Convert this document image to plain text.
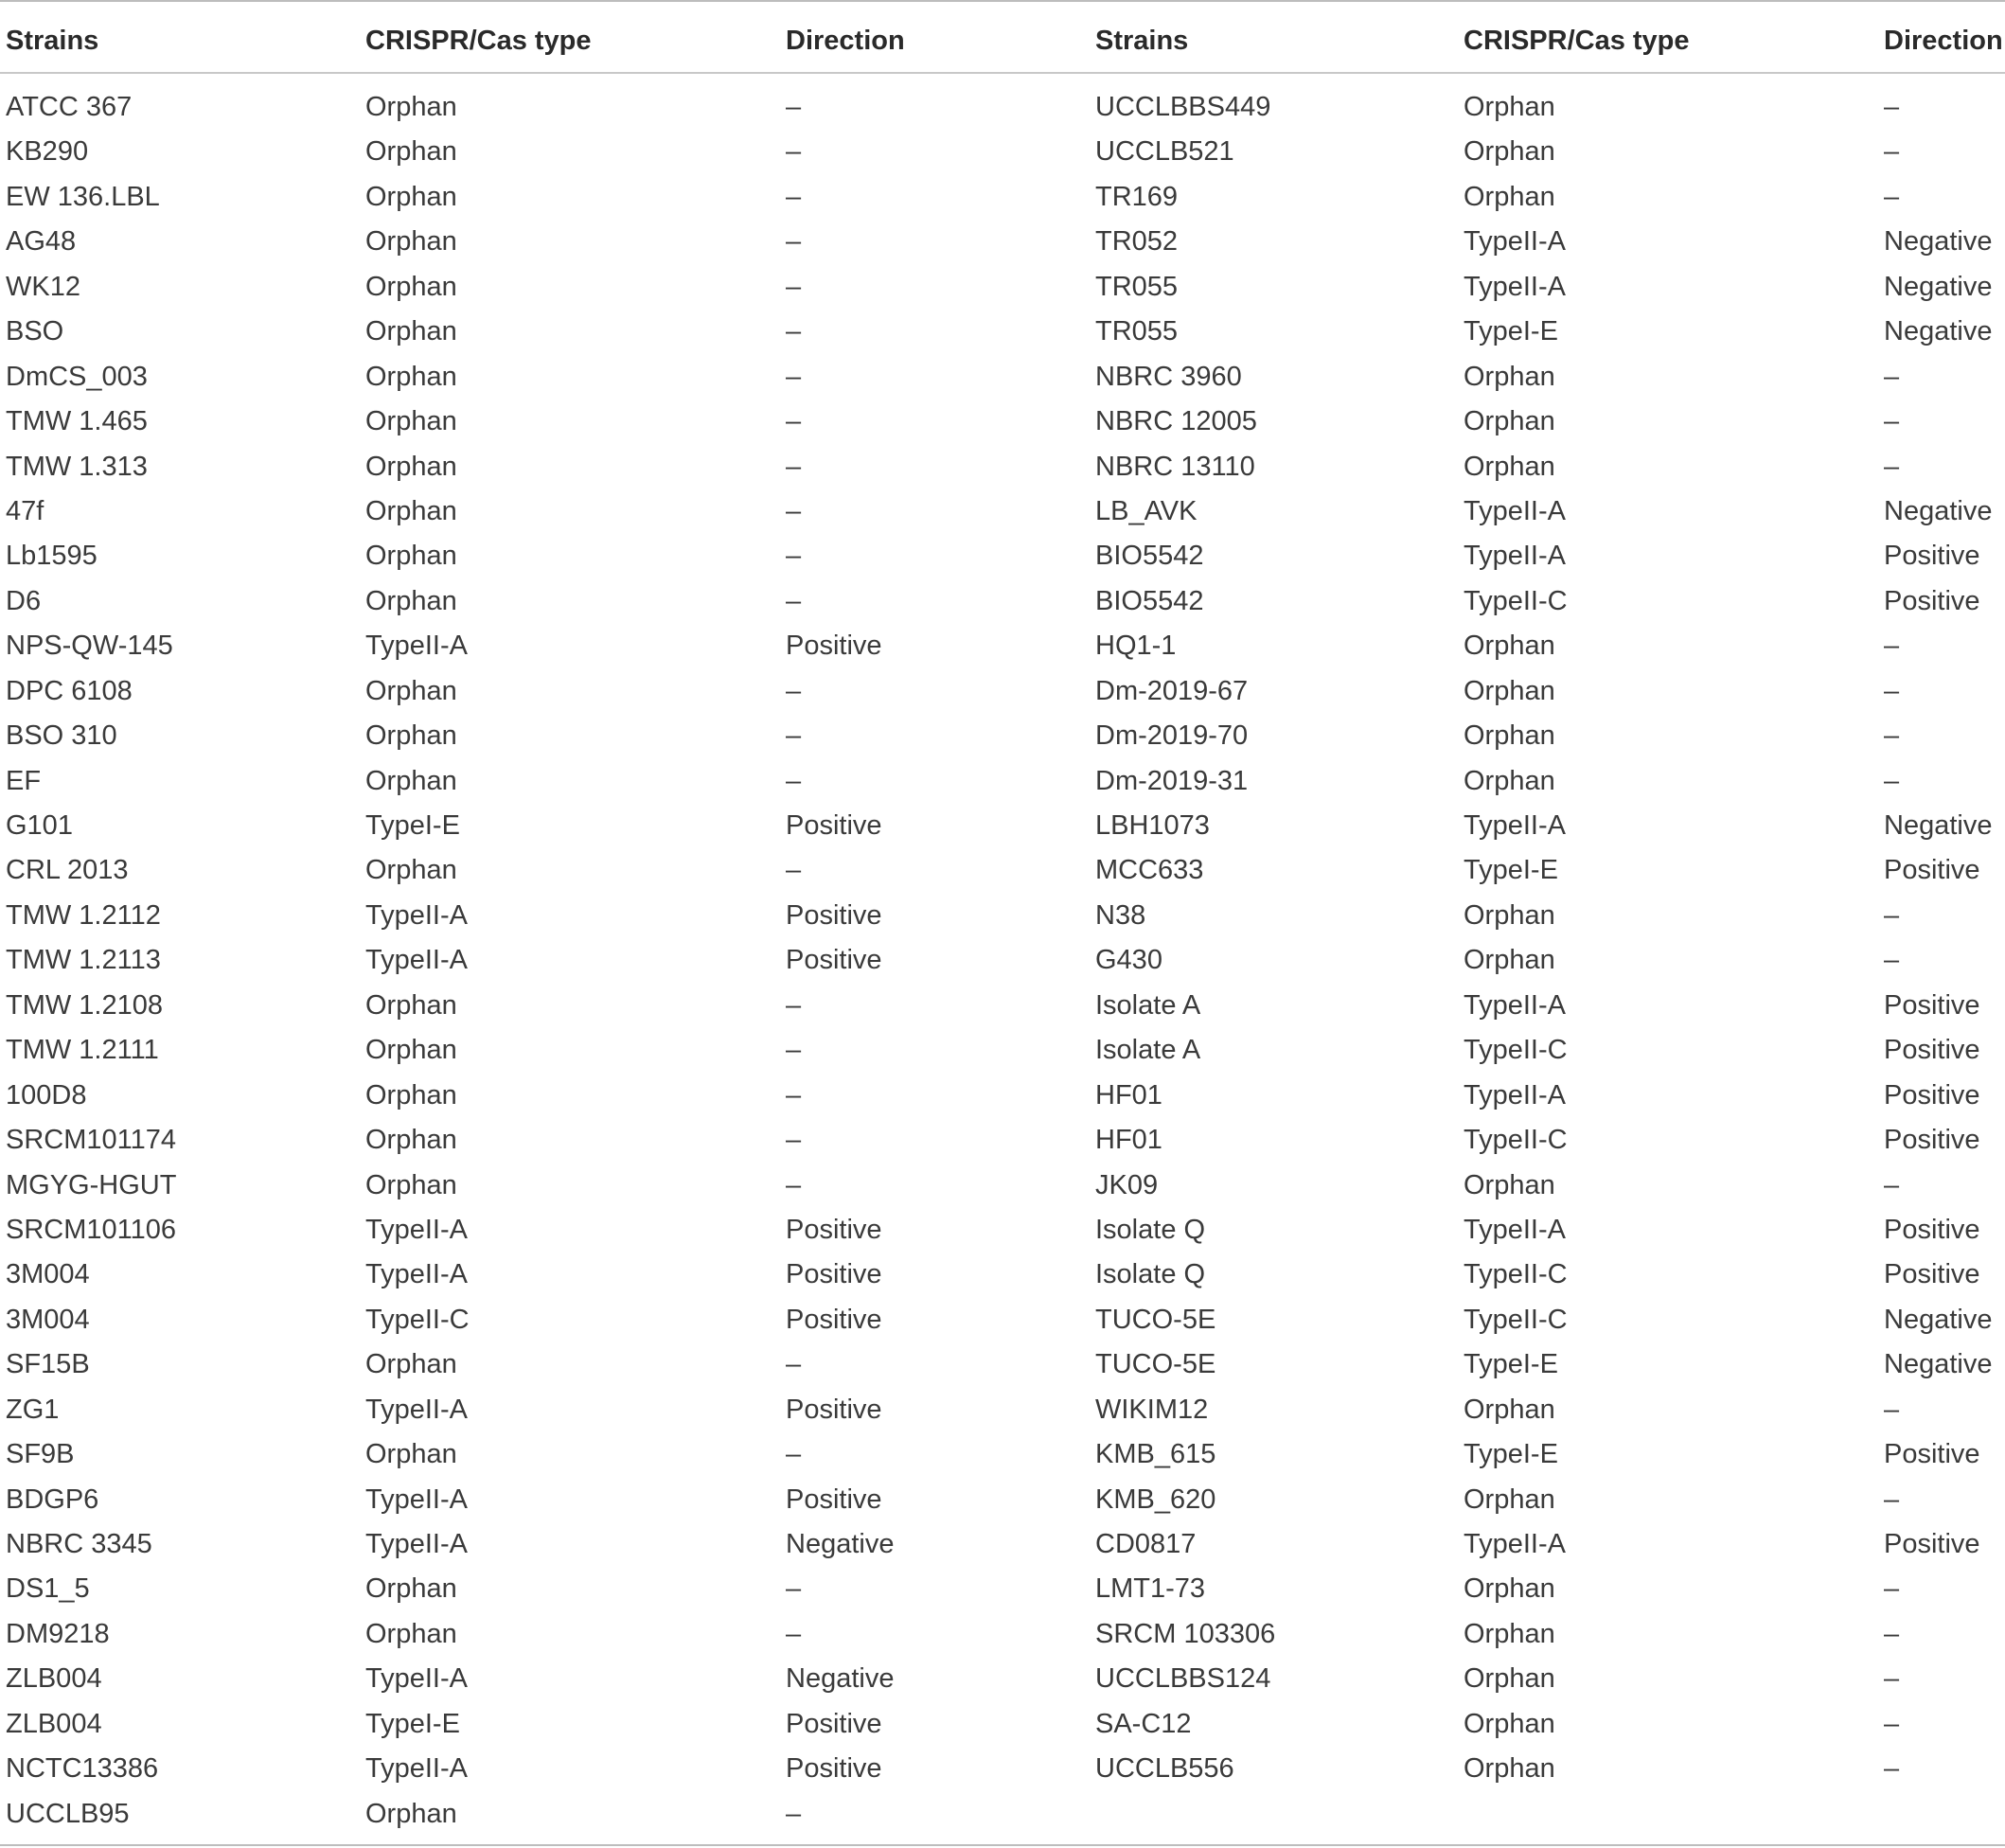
Strains	CRISPR/Cas type	Direction	Strains	CRISPR/Cas type	Direction
ATCC 367	Orphan	–	UCCLBBS449	Orphan	–
KB290	Orphan	–	UCCLB521	Orphan	–
EW 136.LBL	Orphan	–	TR169	Orphan	–
AG48	Orphan	–	TR052	TypeII-A	Negative
WK12	Orphan	–	TR055	TypeII-A	Negative
BSO	Orphan	–	TR055	TypeI-E	Negative
DmCS_003	Orphan	–	NBRC 3960	Orphan	–
TMW 1.465	Orphan	–	NBRC 12005	Orphan	–
TMW 1.313	Orphan	–	NBRC 13110	Orphan	–
47f	Orphan	–	LB_AVK	TypeII-A	Negative
Lb1595	Orphan	–	BIO5542	TypeII-A	Positive
D6	Orphan	–	BIO5542	TypeII-C	Positive
NPS-QW-145	TypeII-A	Positive	HQ1-1	Orphan	–
DPC 6108	Orphan	–	Dm-2019-67	Orphan	–
BSO 310	Orphan	–	Dm-2019-70	Orphan	–
EF	Orphan	–	Dm-2019-31	Orphan	–
G101	TypeI-E	Positive	LBH1073	TypeII-A	Negative
CRL 2013	Orphan	–	MCC633	TypeI-E	Positive
TMW 1.2112	TypeII-A	Positive	N38	Orphan	–
TMW 1.2113	TypeII-A	Positive	G430	Orphan	–
TMW 1.2108	Orphan	–	Isolate A	TypeII-A	Positive
TMW 1.2111	Orphan	–	Isolate A	TypeII-C	Positive
100D8	Orphan	–	HF01	TypeII-A	Positive
SRCM101174	Orphan	–	HF01	TypeII-C	Positive
MGYG-HGUT	Orphan	–	JK09	Orphan	–
SRCM101106	TypeII-A	Positive	Isolate Q	TypeII-A	Positive
3M004	TypeII-A	Positive	Isolate Q	TypeII-C	Positive
3M004	TypeII-C	Positive	TUCO-5E	TypeII-C	Negative
SF15B	Orphan	–	TUCO-5E	TypeI-E	Negative
ZG1	TypeII-A	Positive	WIKIM12	Orphan	–
SF9B	Orphan	–	KMB_615	TypeI-E	Positive
BDGP6	TypeII-A	Positive	KMB_620	Orphan	–
NBRC 3345	TypeII-A	Negative	CD0817	TypeII-A	Positive
DS1_5	Orphan	–	LMT1-73	Orphan	–
DM9218	Orphan	–	SRCM 103306	Orphan	–
ZLB004	TypeII-A	Negative	UCCLBBS124	Orphan	–
ZLB004	TypeI-E	Positive	SA-C12	Orphan	–
NCTC13386	TypeII-A	Positive	UCCLB556	Orphan	–
UCCLB95	Orphan	–
